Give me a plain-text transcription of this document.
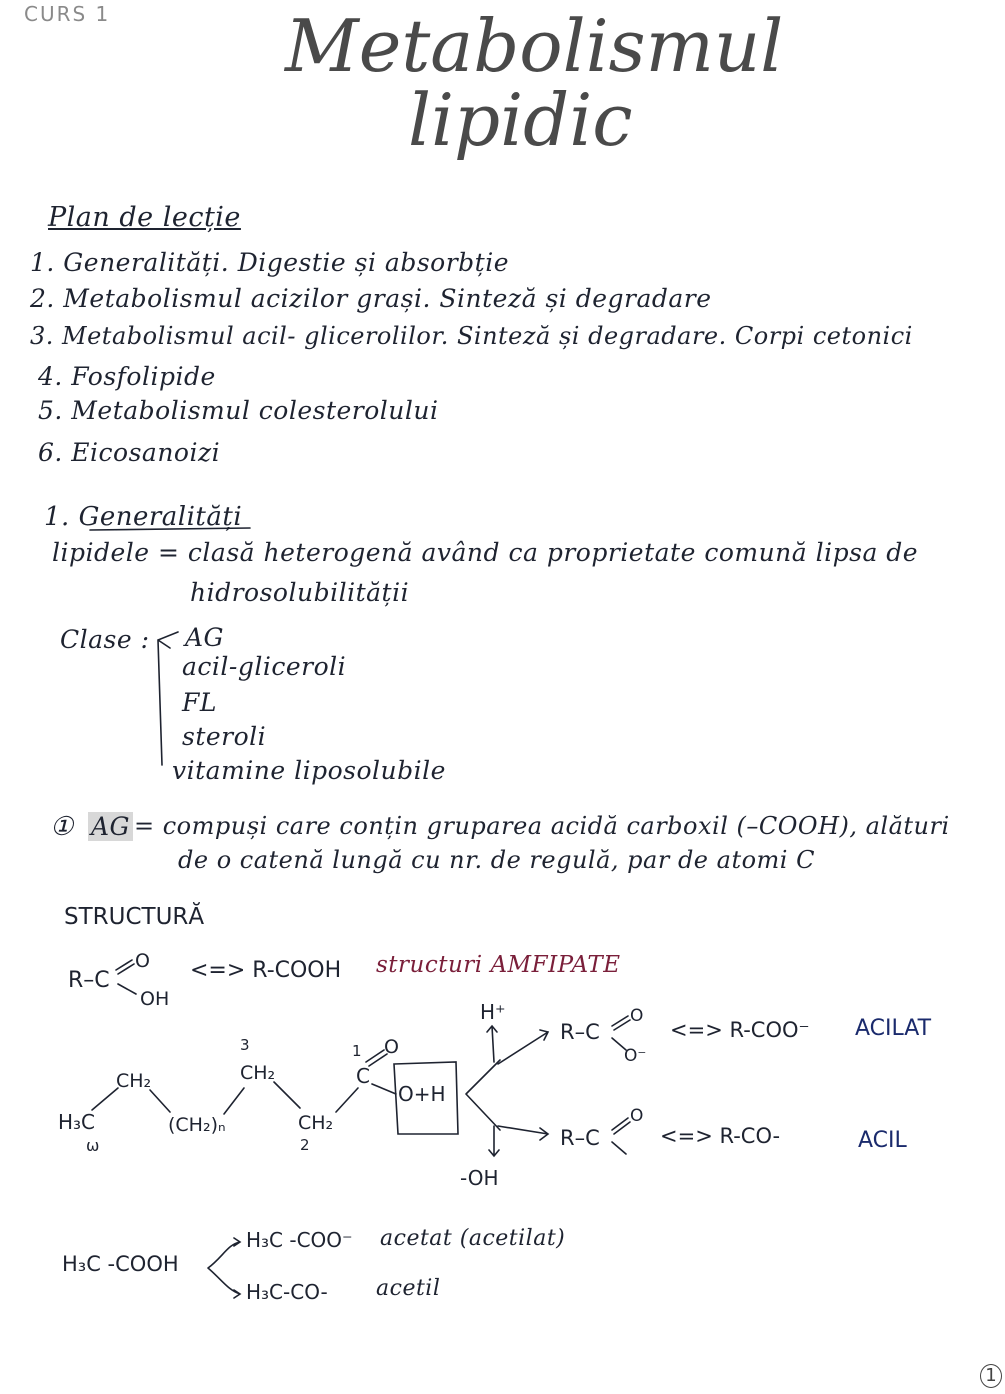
CURS 1 Metabolismul
lipidic
Plan de lecție
1. Generalități. Digestie și absorbție
2. Metabolismul acizilor grași. Sinteză și degradare
3. Metabolismul acil- glicerolilor. Sinteză și degradare. Corpi cetonici
4. Fosfolipide
5. Metabolismul colesterolului
6. Eicosanoizi
1. Generalități
lipidele = clasă heterogenă având ca proprietate comună lipsa de
hidrosolubilității
Clase : AG
acil-gliceroli
FL
steroli
vitamine liposolubile
① AG = compuși care conțin gruparea acidă carboxil (–COOH), alături
de o catenă lungă cu nr. de regulă, par de atomi C
STRUCTURĂ
R–C
O
OH
<=> R-COOH structuri AMFIPATE
H₃C
ω
CH₂
(CH₂)ₙ
3
CH₂
CH₂
2
1
C
O
O+H
H⁺
-OH
R–C
O
O⁻
<=> R-COO⁻ ACILAT
R–C
O
<=> R-CO-	ACIL
H₃C -COOH
H₃C -COO⁻ acetat (acetilat)
H₃C-CO- acetil
1
